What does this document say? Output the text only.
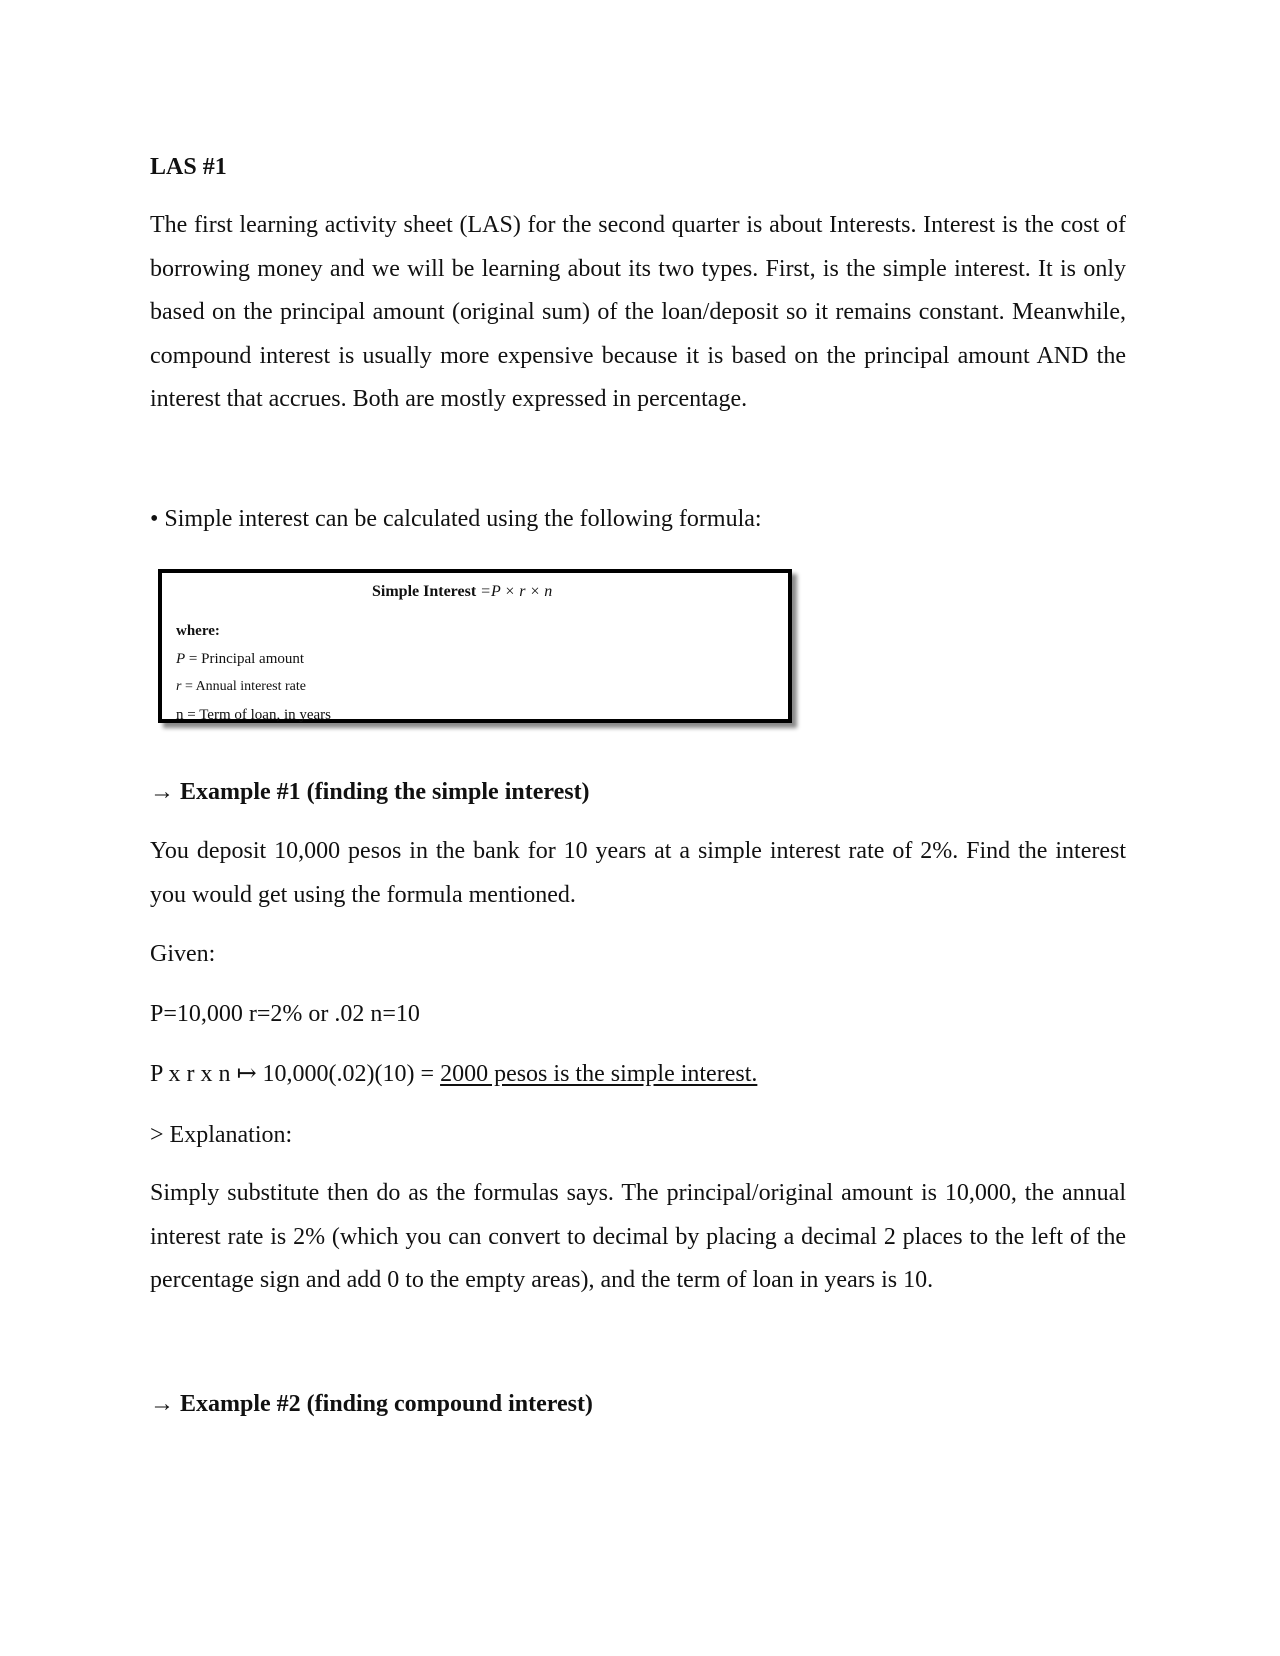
LAS #1
The first learning activity sheet (LAS) for the second quarter is about Interests. Interest is the cost of borrowing money and we will be learning about its two types. First, is the simple interest. It is only based on the principal amount (original sum) of the loan/deposit so it remains constant. Meanwhile, compound interest is usually more expensive because it is based on the principal amount AND the interest that accrues. Both are mostly expressed in percentage.
• Simple interest can be calculated using the following formula:
Simple Interest =P × r × n
where:
P = Principal amount
r = Annual interest rate
n = Term of loan, in years
→ Example #1 (finding the simple interest)
You deposit 10,000 pesos in the bank for 10 years at a simple interest rate of 2%. Find the interest you would get using the formula mentioned.
Given:
P=10,000 r=2% or .02 n=10
P x r x n ↦ 10,000(.02)(10) = 2000 pesos is the simple interest.
> Explanation:
Simply substitute then do as the formulas says. The principal/original amount is 10,000, the annual interest rate is 2% (which you can convert to decimal by placing a decimal 2 places to the left of the percentage sign and add 0 to the empty areas), and the term of loan in years is 10.
→ Example #2 (finding compound interest)
